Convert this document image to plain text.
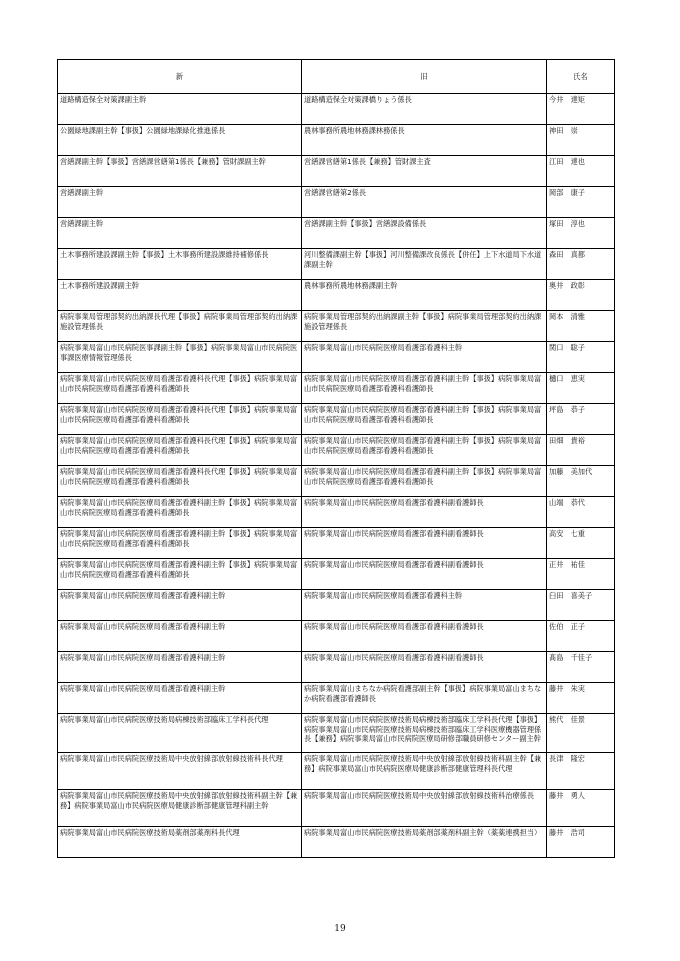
新	旧	氏名
道路構造保全対策課副主幹	道路構造保全対策課橋りょう係長	今井　達矩
公園緑地課副主幹【事扱】公園緑地課緑化推進係長	農林事務所農地林務課林務係長	神田　崇
営繕課副主幹【事扱】営繕課営繕第1係長【兼務】管財課副主幹	営繕課営繕第1係長【兼務】管財課主査	江田　達也
営繕課副主幹	営繕課営繕第2係長	岡部　康子
営繕課副主幹	営繕課副主幹【事扱】営繕課設備係長	塚田　淳也
土木事務所建設課副主幹【事扱】土木事務所建設課維持補修係長	河川整備課副主幹【事扱】河川整備課改良係長【併任】上下水道局下水道課副主幹	森田　真都
土木事務所建設課副主幹	農林事務所農地林務課副主幹	奥井　政彰
病院事業局管理部契約出納課長代理【事扱】病院事業局管理部契約出納課施設管理係長	病院事業局管理部契約出納課副主幹【事扱】病院事業局管理部契約出納課施設管理係長	岡本　清雅
病院事業局富山市民病院医事課副主幹【事扱】病院事業局富山市民病院医事課医療情報管理係長	病院事業局富山市民病院医療局看護部看護科主幹	関口　聡子
病院事業局富山市民病院医療局看護部看護科長代理【事扱】病院事業局富山市民病院医療局看護部看護科看護師長	病院事業局富山市民病院医療局看護部看護科副主幹【事扱】病院事業局富山市民病院医療局看護部看護科看護師長	樋口　恵実
病院事業局富山市民病院医療局看護部看護科長代理【事扱】病院事業局富山市民病院医療局看護部看護科看護師長	病院事業局富山市民病院医療局看護部看護科副主幹【事扱】病院事業局富山市民病院医療局看護部看護科看護師長	坪島　恭子
病院事業局富山市民病院医療局看護部看護科長代理【事扱】病院事業局富山市民病院医療局看護部看護科看護師長	病院事業局富山市民病院医療局看護部看護科副主幹【事扱】病院事業局富山市民病院医療局看護部看護科看護師長	田畑　貴裕
病院事業局富山市民病院医療局看護部看護科長代理【事扱】病院事業局富山市民病院医療局看護部看護科看護師長	病院事業局富山市民病院医療局看護部看護科副主幹【事扱】病院事業局富山市民病院医療局看護部看護科看護師長	加藤　美加代
病院事業局富山市民病院医療局看護部看護科副主幹【事扱】病院事業局富山市民病院医療局看護部看護科看護師長	病院事業局富山市民病院医療局看護部看護科副看護師長	山端　恭代
病院事業局富山市民病院医療局看護部看護科副主幹【事扱】病院事業局富山市民病院医療局看護部看護科看護師長	病院事業局富山市民病院医療局看護部看護科副看護師長	高安　七重
病院事業局富山市民病院医療局看護部看護科副主幹【事扱】病院事業局富山市民病院医療局看護部看護科看護師長	病院事業局富山市民病院医療局看護部看護科副看護師長	正井　祐佳
病院事業局富山市民病院医療局看護部看護科副主幹	病院事業局富山市民病院医療局看護部看護科主幹	臼田　喜美子
病院事業局富山市民病院医療局看護部看護科副主幹	病院事業局富山市民病院医療局看護部看護科副看護師長	佐伯　正子
病院事業局富山市民病院医療局看護部看護科副主幹	病院事業局富山市民病院医療局看護部看護科副看護師長	髙島　千佳子
病院事業局富山市民病院医療局看護部看護科副主幹	病院事業局富山まちなか病院看護部副主幹【事扱】病院事業局富山まちなか病院看護部看護師長	藤井　朱実
病院事業局富山市民病院医療技術局病棟技術部臨床工学科長代理	病院事業局富山市民病院医療技術局病棟技術部臨床工学科長代理【事扱】病院事業局富山市民病院医療技術局病棟技術部臨床工学科医療機器管理係長【兼務】病院事業局富山市民病院医療局研修部職員研修センター副主幹	熊代　佳景
病院事業局富山市民病院医療技術局中央放射線部放射線技術科長代理	病院事業局富山市民病院医療技術局中央放射線部放射線技術科副主幹【兼務】病院事業局富山市民病院医療局健康診断部健康管理科長代理	長津　隆宏
病院事業局富山市民病院医療技術局中央放射線部放射線技術科副主幹【兼務】病院事業局富山市民病院医療局健康診断部健康管理科副主幹	病院事業局富山市民病院医療技術局中央放射線部放射線技術科治療係長	藤井　勇人
病院事業局富山市民病院医療技術局薬剤部薬剤科長代理	病院事業局富山市民病院医療技術局薬剤部薬剤科副主幹（薬薬連携担当）	藤井　浩司
19
